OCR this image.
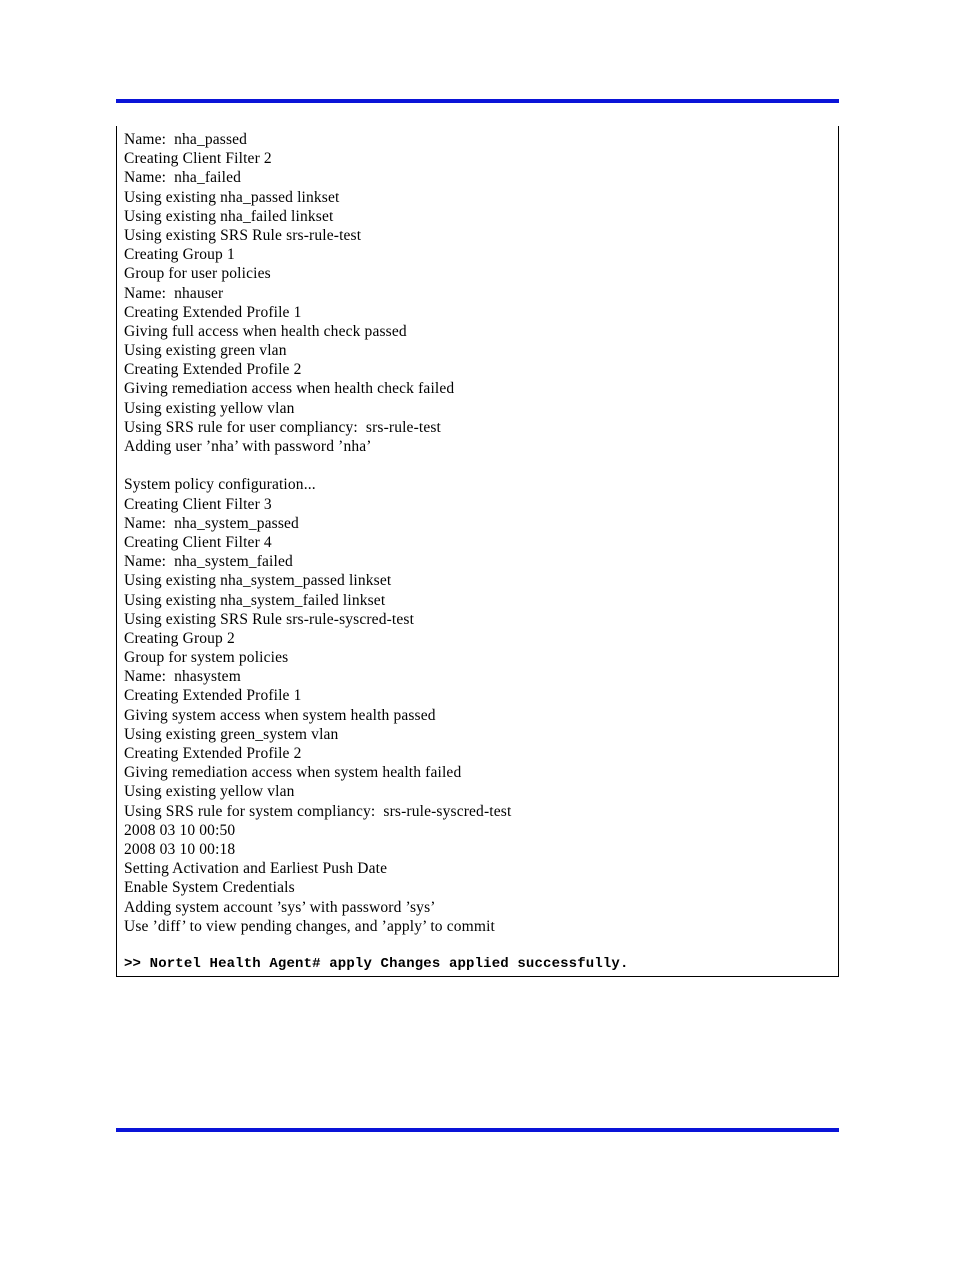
Name:  nha_passed
Creating Client Filter 2
Name:  nha_failed
Using existing nha_passed linkset
Using existing nha_failed linkset
Using existing SRS Rule srs-rule-test
Creating Group 1
Group for user policies
Name:  nhauser
Creating Extended Profile 1
Giving full access when health check passed
Using existing green vlan
Creating Extended Profile 2
Giving remediation access when health check failed
Using existing yellow vlan
Using SRS rule for user compliancy:  srs-rule-test
Adding user ’nha’ with password ’nha’
System policy configuration...
Creating Client Filter 3
Name:  nha_system_passed
Creating Client Filter 4
Name:  nha_system_failed
Using existing nha_system_passed linkset
Using existing nha_system_failed linkset
Using existing SRS Rule srs-rule-syscred-test
Creating Group 2
Group for system policies
Name:  nhasystem
Creating Extended Profile 1
Giving system access when system health passed
Using existing green_system vlan
Creating Extended Profile 2
Giving remediation access when system health failed
Using existing yellow vlan
Using SRS rule for system compliancy:  srs-rule-syscred-test
2008 03 10 00:50
2008 03 10 00:18
Setting Activation and Earliest Push Date
Enable System Credentials
Adding system account ’sys’ with password ’sys’
Use ’diff’ to view pending changes, and ’apply’ to commit
>> Nortel Health Agent# apply Changes applied successfully.
